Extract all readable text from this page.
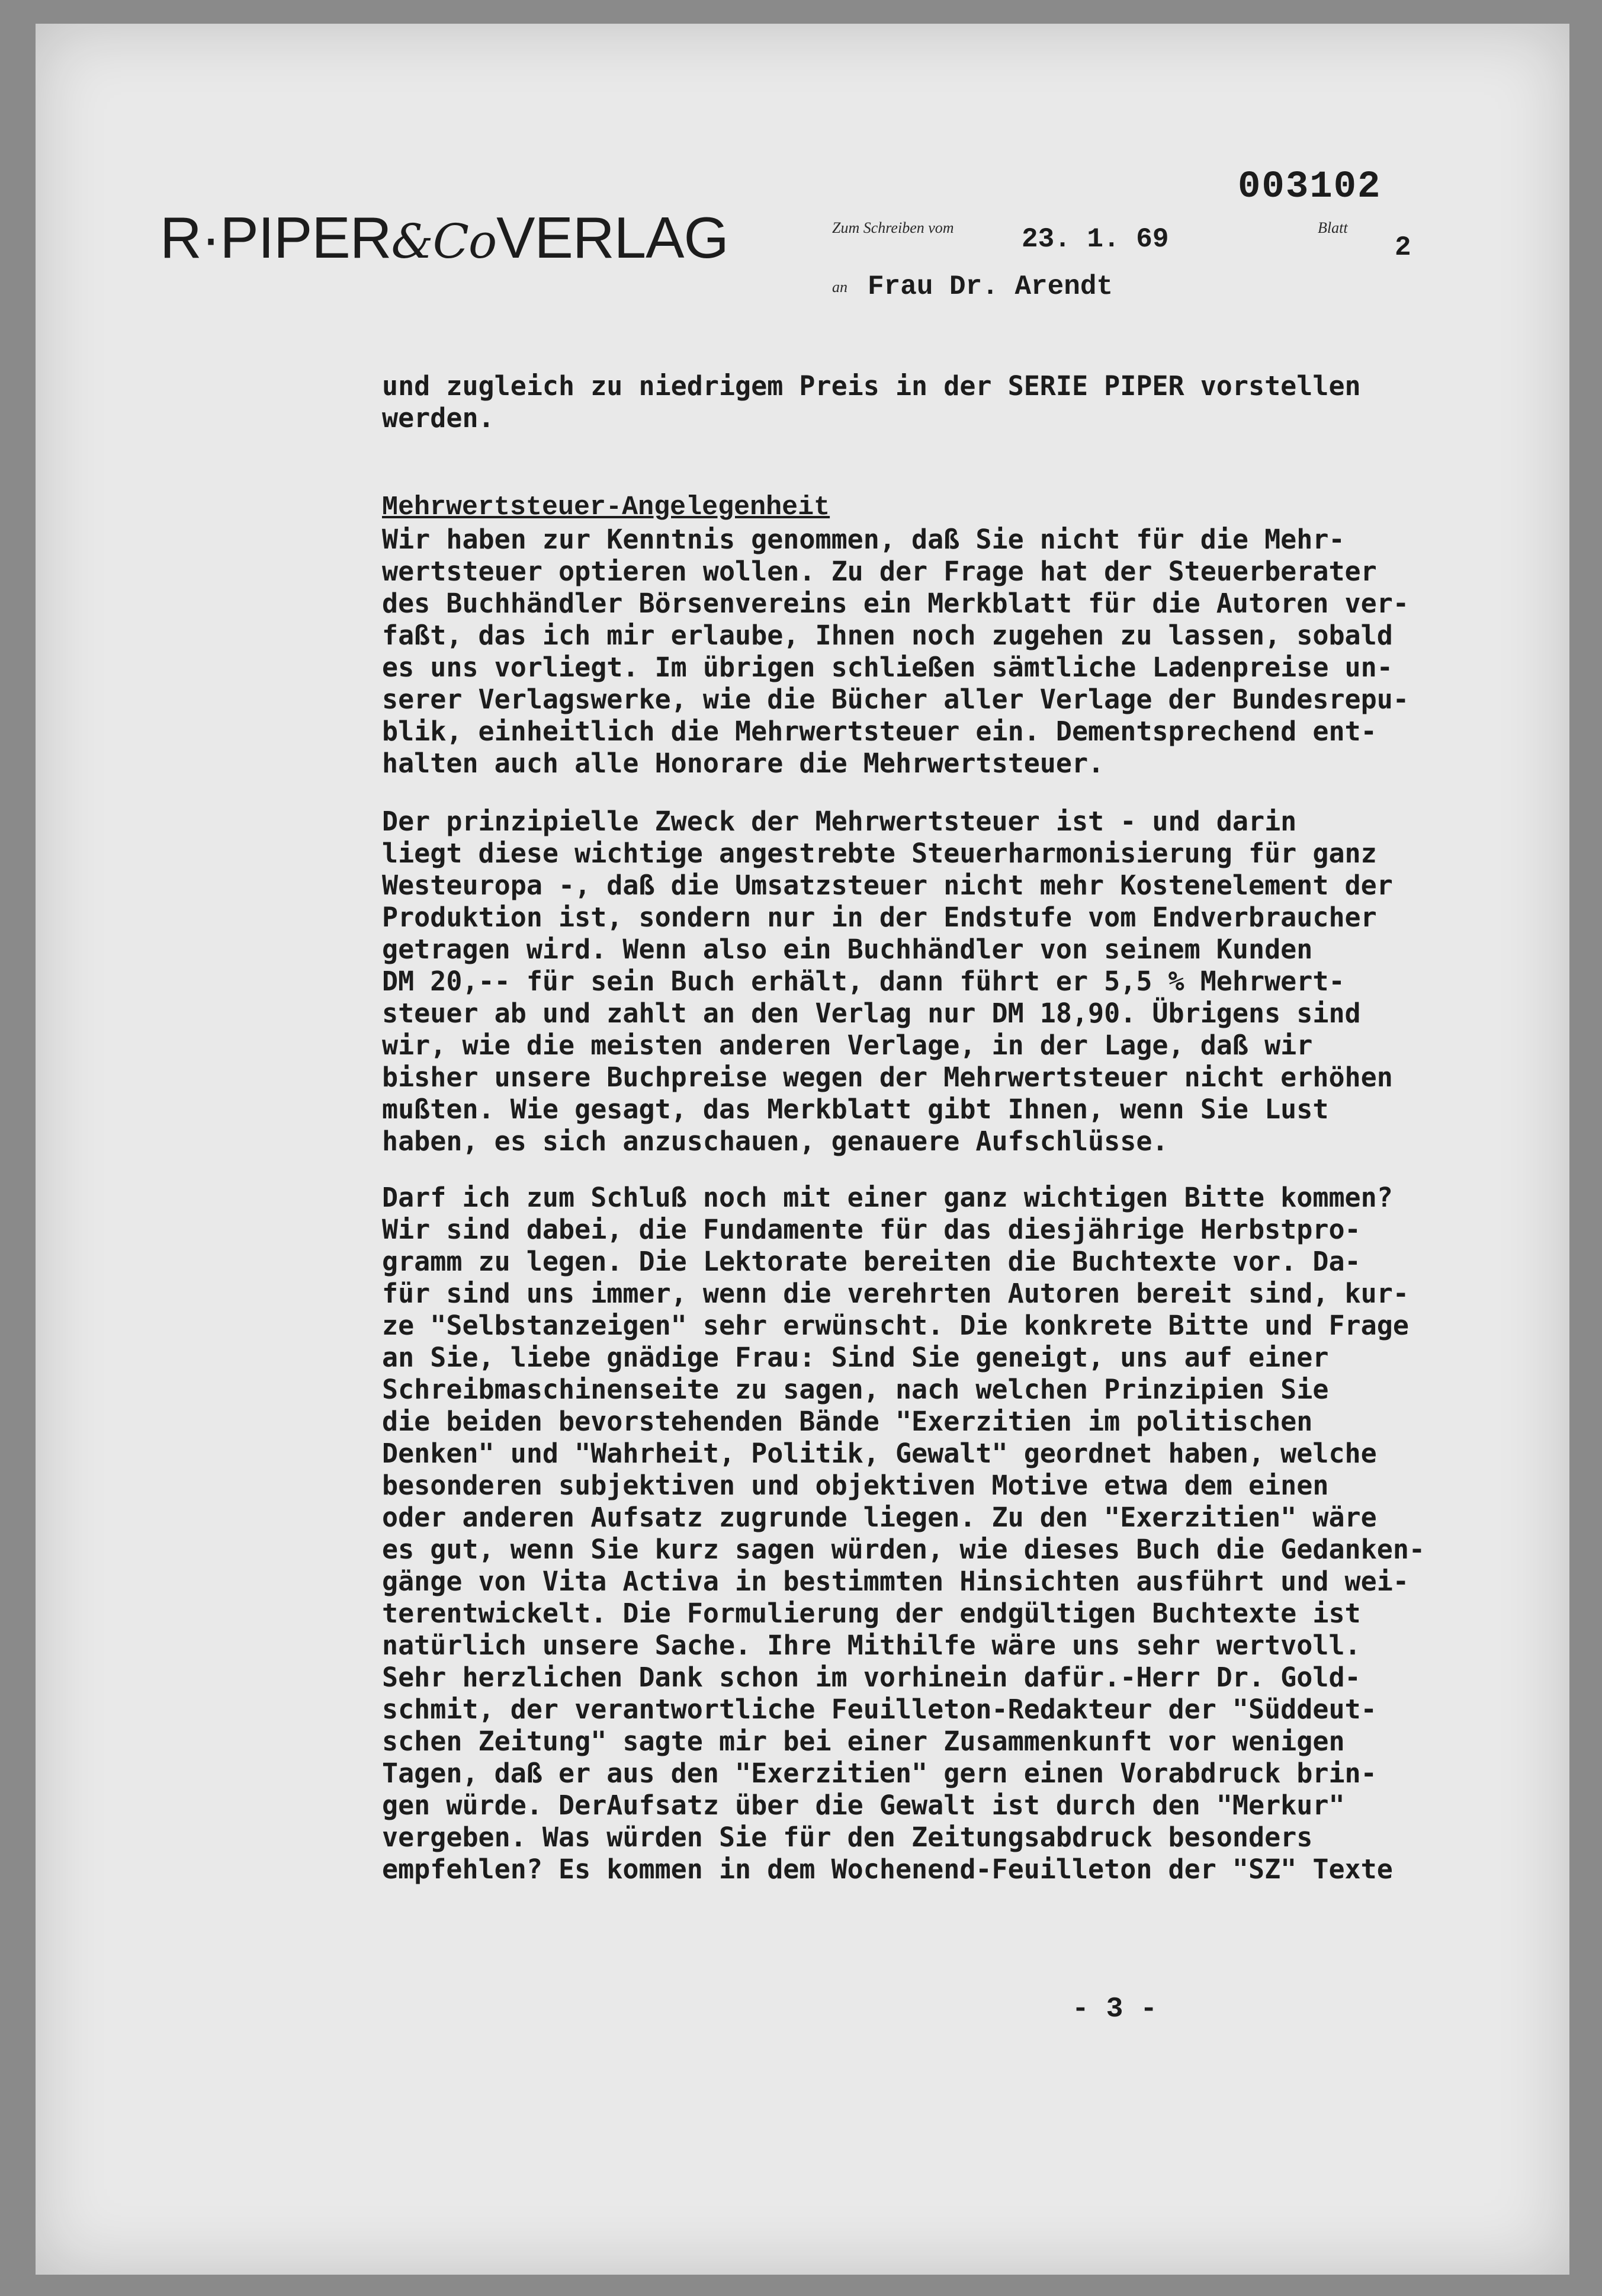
R·PIPER&CoVERLAG
003102
Zum Schreiben vom 23. 1. 69	Blatt
2
an Frau Dr. Arendt
und zugleich zu niedrigem Preis in der SERIE PIPER vorstellen
werden.
Mehrwertsteuer-Angelegenheit
Wir haben zur Kenntnis genommen, daß Sie nicht für die Mehr-
wertsteuer optieren wollen. Zu der Frage hat der Steuerberater
des Buchhändler Börsenvereins ein Merkblatt für die Autoren ver-
faßt, das ich mir erlaube, Ihnen noch zugehen zu lassen, sobald
es uns vorliegt. Im übrigen schließen sämtliche Ladenpreise un-
serer Verlagswerke, wie die Bücher aller Verlage der Bundesrepu-
blik, einheitlich die Mehrwertsteuer ein. Dementsprechend ent-
halten auch alle Honorare die Mehrwertsteuer.
Der prinzipielle Zweck der Mehrwertsteuer ist - und darin
liegt diese wichtige angestrebte Steuerharmonisierung für ganz
Westeuropa -, daß die Umsatzsteuer nicht mehr Kostenelement der
Produktion ist, sondern nur in der Endstufe vom Endverbraucher
getragen wird. Wenn also ein Buchhändler von seinem Kunden
DM 20,-- für sein Buch erhält, dann führt er 5,5 % Mehrwert-
steuer ab und zahlt an den Verlag nur DM 18,90. Übrigens sind
wir, wie die meisten anderen Verlage, in der Lage, daß wir
bisher unsere Buchpreise wegen der Mehrwertsteuer nicht erhöhen
mußten. Wie gesagt, das Merkblatt gibt Ihnen, wenn Sie Lust
haben, es sich anzuschauen, genauere Aufschlüsse.
Darf ich zum Schluß noch mit einer ganz wichtigen Bitte kommen?
Wir sind dabei, die Fundamente für das diesjährige Herbstpro-
gramm zu legen. Die Lektorate bereiten die Buchtexte vor. Da-
für sind uns immer, wenn die verehrten Autoren bereit sind, kur-
ze "Selbstanzeigen" sehr erwünscht. Die konkrete Bitte und Frage
an Sie, liebe gnädige Frau: Sind Sie geneigt, uns auf einer
Schreibmaschinenseite zu sagen, nach welchen Prinzipien Sie
die beiden bevorstehenden Bände "Exerzitien im politischen
Denken" und "Wahrheit, Politik, Gewalt" geordnet haben, welche
besonderen subjektiven und objektiven Motive etwa dem einen
oder anderen Aufsatz zugrunde liegen. Zu den "Exerzitien" wäre
es gut, wenn Sie kurz sagen würden, wie dieses Buch die Gedanken-
gänge von Vita Activa in bestimmten Hinsichten ausführt und wei-
terentwickelt. Die Formulierung der endgültigen Buchtexte ist
natürlich unsere Sache. Ihre Mithilfe wäre uns sehr wertvoll.
Sehr herzlichen Dank schon im vorhinein dafür.-Herr Dr. Gold-
schmit, der verantwortliche Feuilleton-Redakteur der "Süddeut-
schen Zeitung" sagte mir bei einer Zusammenkunft vor wenigen
Tagen, daß er aus den "Exerzitien" gern einen Vorabdruck brin-
gen würde. DerAufsatz über die Gewalt ist durch den "Merkur"
vergeben. Was würden Sie für den Zeitungsabdruck besonders
empfehlen? Es kommen in dem Wochenend-Feuilleton der "SZ" Texte
- 3 -
